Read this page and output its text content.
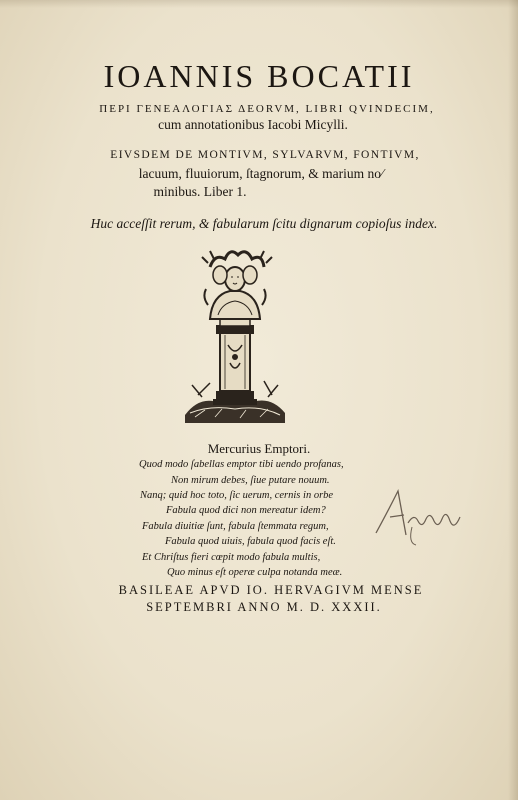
IOANNIS BOCATII
ΠΕΡΙ ΓΕΝΕΑΛΟΓΙΑΣ ΔEORVM, LIBRI QVINDECIM,
cum annotationibus Iacobi Micylli.
EIVSDEM DE MONTIVM, SYLVARVM, FONTIVM,
lacuum, fluuiorum, ſtagnorum, & marium no⁄
minibus. Liber 1.
Huc acceſſit rerum, & fabularum ſcitu dignarum copioſus index.
Mercurius Emptori.
Quod modo ſabellas emptor tibi uendo profanas,
Non mirum debes, ſiue putare nouum.
Nanq; quid hoc toto, ſic uerum, cernis in orbe
Fabula quod dici non mereatur idem?
Fabula diuitiæ ſunt, fabula ſtemmata regum,
Fabula quod uiuis, fabula quod facis eſt.
Et Chriſtus fieri cœpit modo fabula multis,
Quo minus eſt operæ culpa notanda meæ.
BASILEAE APVD IO. HERVAGIVM MENSE
SEPTEMBRI ANNO M. D. XXXII.
